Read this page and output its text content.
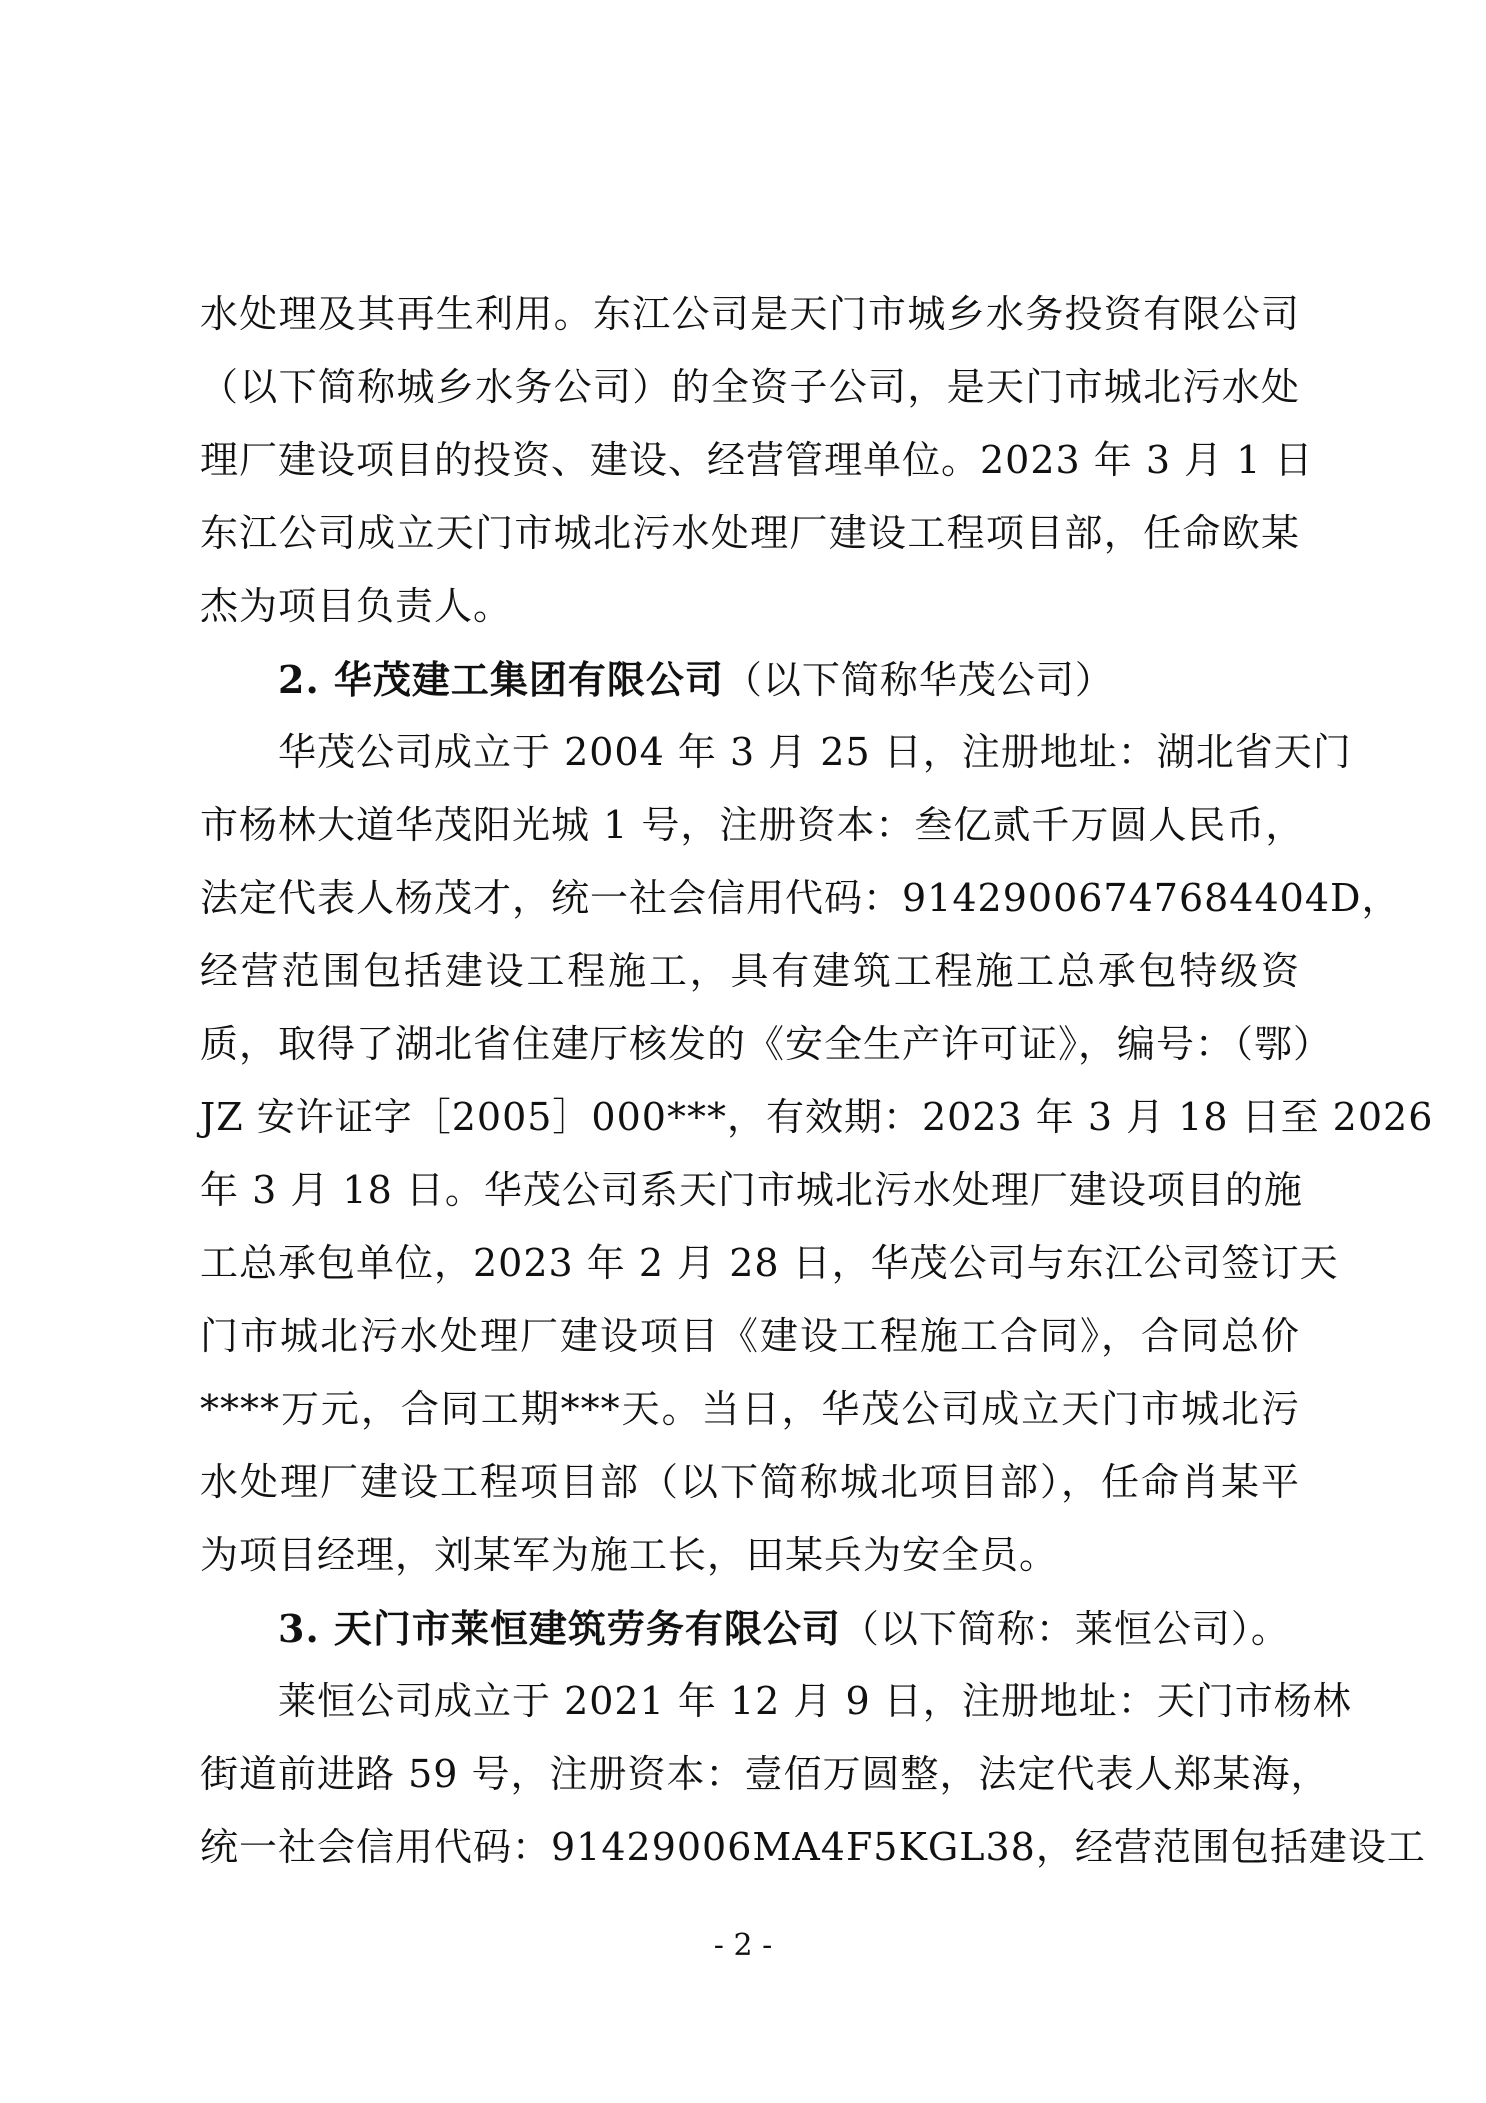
水处理及其再生利用。东江公司是天门市城乡水务投资有限公司
（以下简称城乡水务公司）的全资子公司，是天门市城北污水处
理厂建设项目的投资、建设、经营管理单位。2023 年 3 月 1 日
东江公司成立天门市城北污水处理厂建设工程项目部，任命欧某
杰为项目负责人。
2. 华茂建工集团有限公司（以下简称华茂公司）
华茂公司成立于 2004 年 3 月 25 日，注册地址：湖北省天门
市杨林大道华茂阳光城 1 号，注册资本：叁亿贰千万圆人民币，
法定代表人杨茂才，统一社会信用代码：91429006747684404D，
经营范围包括建设工程施工，具有建筑工程施工总承包特级资
质，取得了湖北省住建厅核发的《安全生产许可证》，编号：（鄂）
JZ 安许证字［2005］000***，有效期：2023 年 3 月 18 日至 2026
年 3 月 18 日。华茂公司系天门市城北污水处理厂建设项目的施
工总承包单位，2023 年 2 月 28 日，华茂公司与东江公司签订天
门市城北污水处理厂建设项目《建设工程施工合同》，合同总价
****万元，合同工期***天。当日，华茂公司成立天门市城北污
水处理厂建设工程项目部（以下简称城北项目部），任命肖某平
为项目经理，刘某军为施工长，田某兵为安全员。
3. 天门市莱恒建筑劳务有限公司（以下简称：莱恒公司）。
莱恒公司成立于 2021 年 12 月 9 日，注册地址：天门市杨林
街道前进路 59 号，注册资本：壹佰万圆整，法定代表人郑某海，
统一社会信用代码：91429006MA4F5KGL38，经营范围包括建设工
- 2 -
